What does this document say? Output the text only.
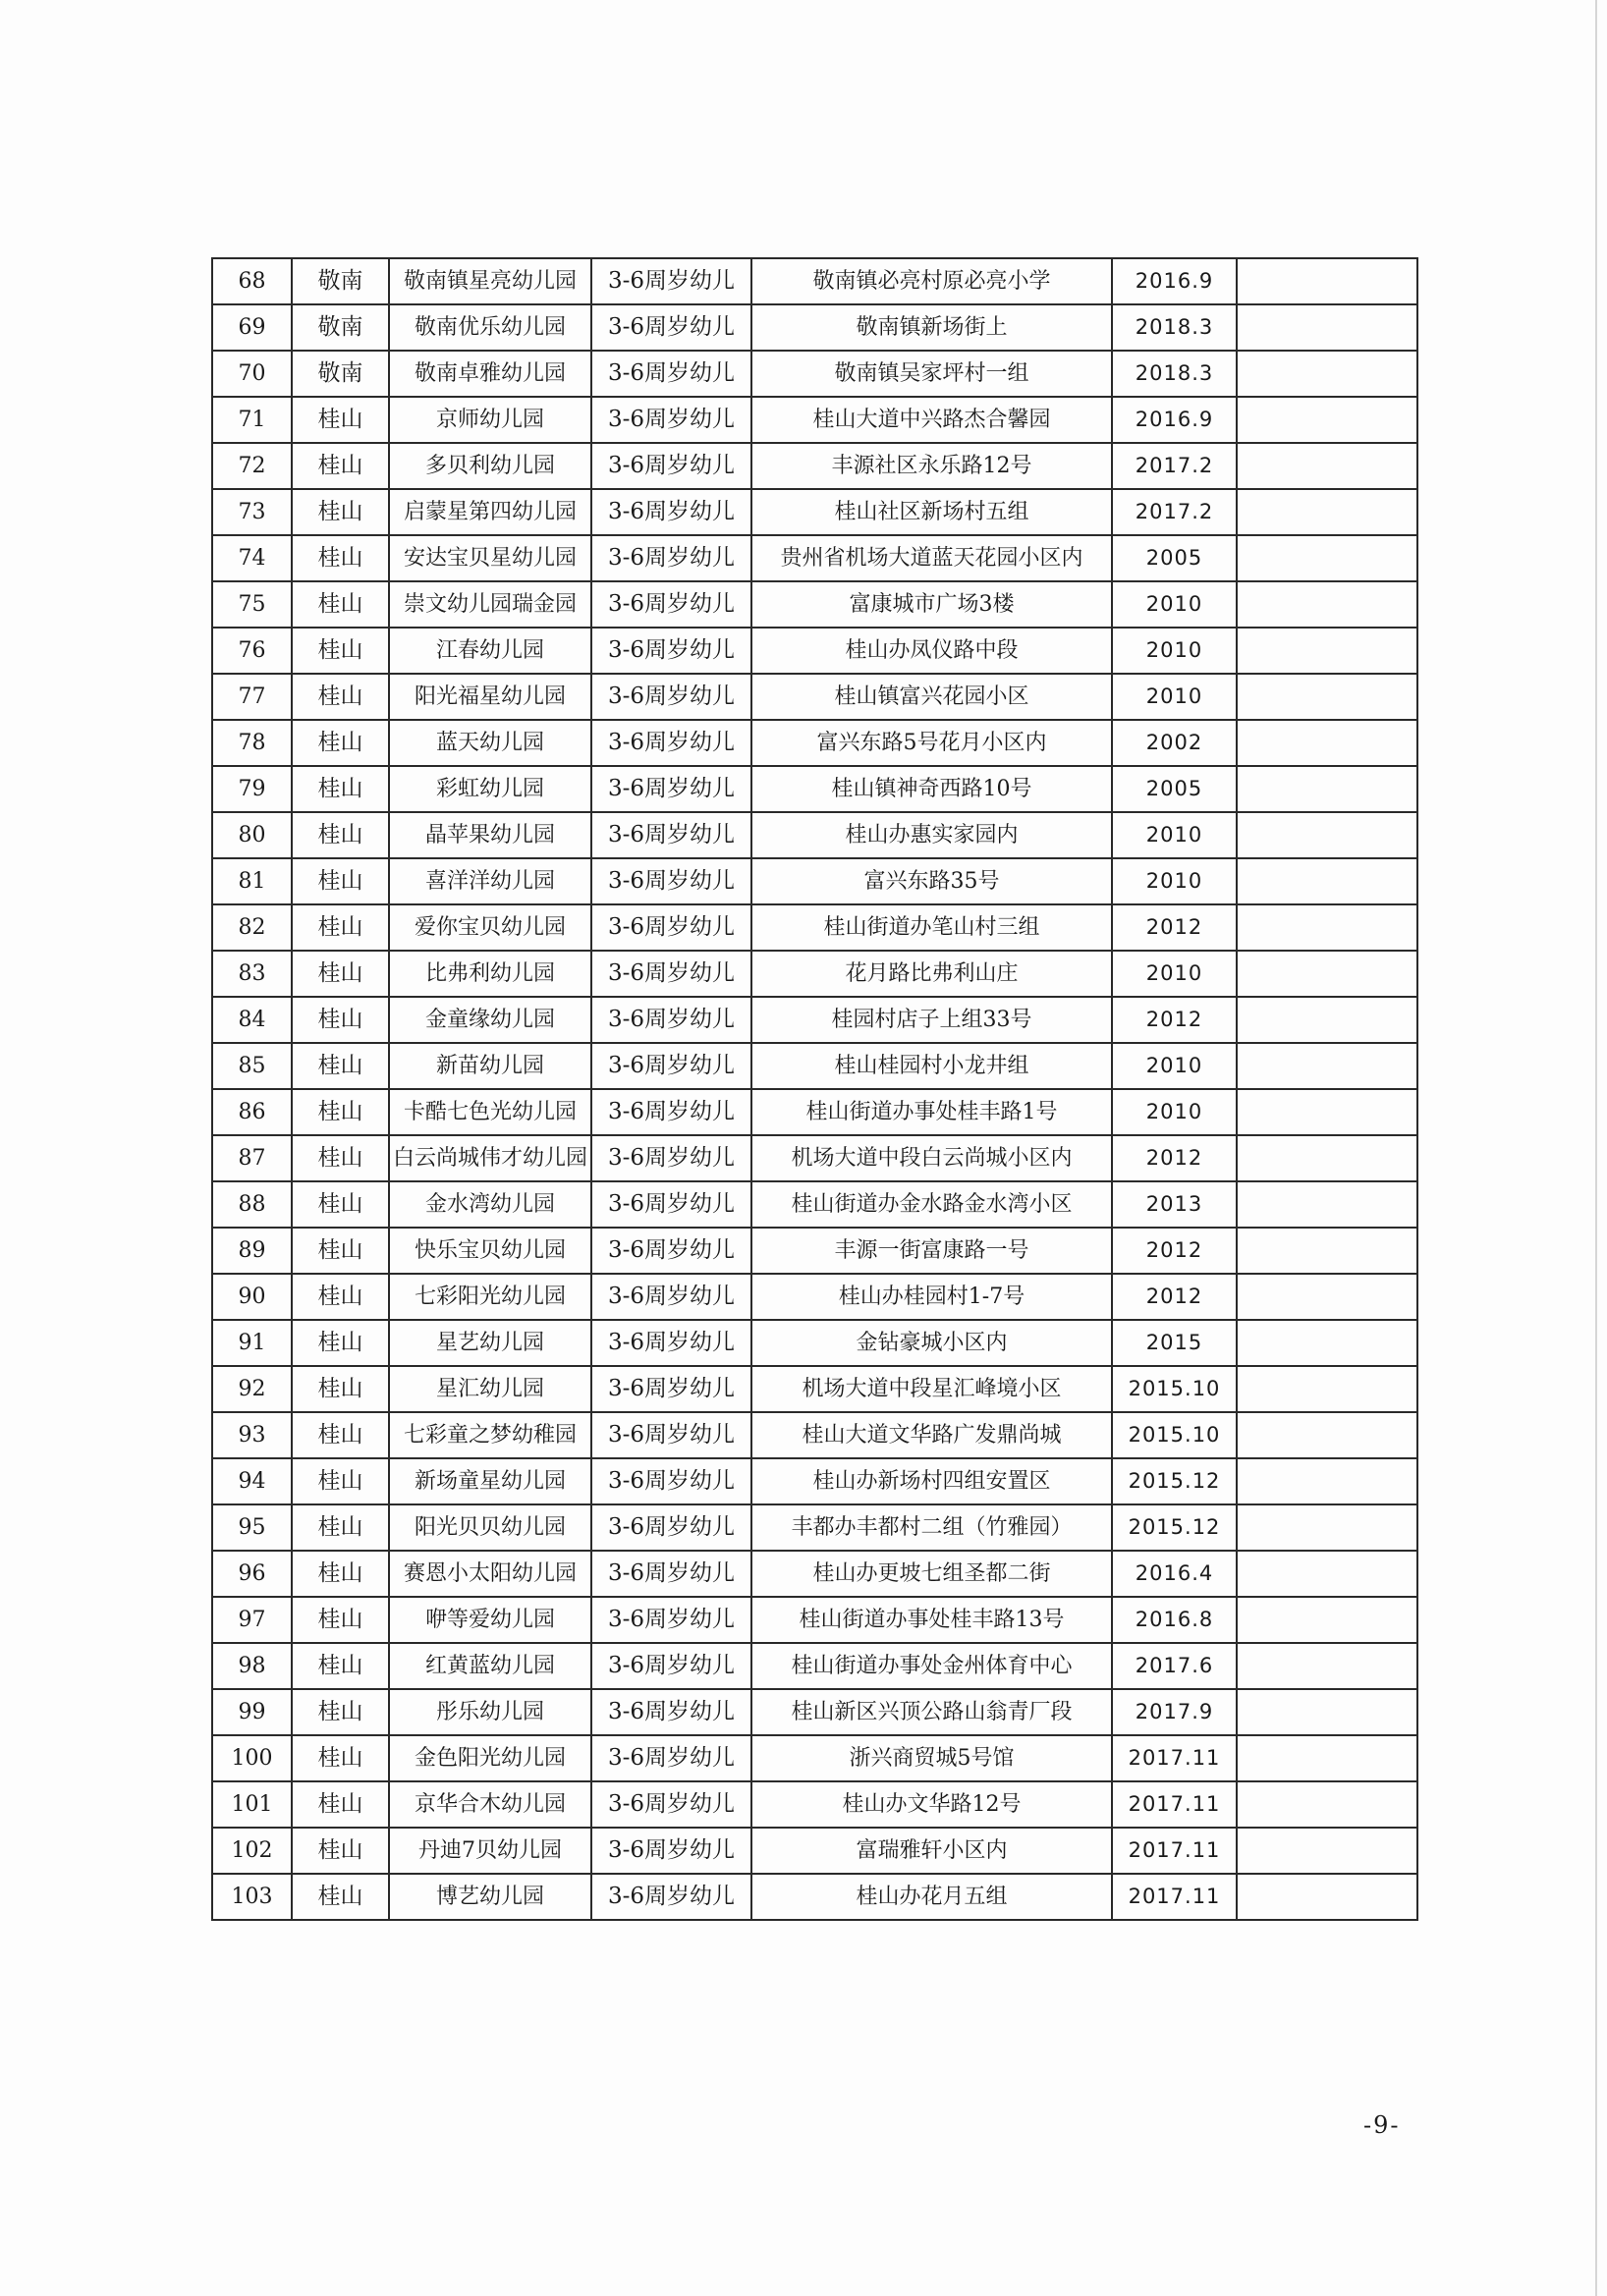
68	敬南	敬南镇星亮幼儿园	3-6周岁幼儿	敬南镇必亮村原必亮小学	2016.9	
69	敬南	敬南优乐幼儿园	3-6周岁幼儿	敬南镇新场街上	2018.3	
70	敬南	敬南卓雅幼儿园	3-6周岁幼儿	敬南镇吴家坪村一组	2018.3	
71	桂山	京师幼儿园	3-6周岁幼儿	桂山大道中兴路杰合馨园	2016.9	
72	桂山	多贝利幼儿园	3-6周岁幼儿	丰源社区永乐路12号	2017.2	
73	桂山	启蒙星第四幼儿园	3-6周岁幼儿	桂山社区新场村五组	2017.2	
74	桂山	安达宝贝星幼儿园	3-6周岁幼儿	贵州省机场大道蓝天花园小区内	2005	
75	桂山	崇文幼儿园瑞金园	3-6周岁幼儿	富康城市广场3楼	2010	
76	桂山	江春幼儿园	3-6周岁幼儿	桂山办凤仪路中段	2010	
77	桂山	阳光福星幼儿园	3-6周岁幼儿	桂山镇富兴花园小区	2010	
78	桂山	蓝天幼儿园	3-6周岁幼儿	富兴东路5号花月小区内	2002	
79	桂山	彩虹幼儿园	3-6周岁幼儿	桂山镇神奇西路10号	2005	
80	桂山	晶苹果幼儿园	3-6周岁幼儿	桂山办惠实家园内	2010	
81	桂山	喜洋洋幼儿园	3-6周岁幼儿	富兴东路35号	2010	
82	桂山	爱你宝贝幼儿园	3-6周岁幼儿	桂山街道办笔山村三组	2012	
83	桂山	比弗利幼儿园	3-6周岁幼儿	花月路比弗利山庄	2010	
84	桂山	金童缘幼儿园	3-6周岁幼儿	桂园村店子上组33号	2012	
85	桂山	新苗幼儿园	3-6周岁幼儿	桂山桂园村小龙井组	2010	
86	桂山	卡酷七色光幼儿园	3-6周岁幼儿	桂山街道办事处桂丰路1号	2010	
87	桂山	白云尚城伟才幼儿园	3-6周岁幼儿	机场大道中段白云尚城小区内	2012	
88	桂山	金水湾幼儿园	3-6周岁幼儿	桂山街道办金水路金水湾小区	2013	
89	桂山	快乐宝贝幼儿园	3-6周岁幼儿	丰源一街富康路一号	2012	
90	桂山	七彩阳光幼儿园	3-6周岁幼儿	桂山办桂园村1-7号	2012	
91	桂山	星艺幼儿园	3-6周岁幼儿	金钻豪城小区内	2015	
92	桂山	星汇幼儿园	3-6周岁幼儿	机场大道中段星汇峰境小区	2015.10	
93	桂山	七彩童之梦幼稚园	3-6周岁幼儿	桂山大道文华路广发鼎尚城	2015.10	
94	桂山	新场童星幼儿园	3-6周岁幼儿	桂山办新场村四组安置区	2015.12	
95	桂山	阳光贝贝幼儿园	3-6周岁幼儿	丰都办丰都村二组（竹雅园）	2015.12	
96	桂山	赛恩小太阳幼儿园	3-6周岁幼儿	桂山办更坡七组圣都二街	2016.4	
97	桂山	咿等爱幼儿园	3-6周岁幼儿	桂山街道办事处桂丰路13号	2016.8	
98	桂山	红黄蓝幼儿园	3-6周岁幼儿	桂山街道办事处金州体育中心	2017.6	
99	桂山	彤乐幼儿园	3-6周岁幼儿	桂山新区兴顶公路山翁青厂段	2017.9	
100	桂山	金色阳光幼儿园	3-6周岁幼儿	浙兴商贸城5号馆	2017.11	
101	桂山	京华合木幼儿园	3-6周岁幼儿	桂山办文华路12号	2017.11	
102	桂山	丹迪7贝幼儿园	3-6周岁幼儿	富瑞雅轩小区内	2017.11	
103	桂山	博艺幼儿园	3-6周岁幼儿	桂山办花月五组	2017.11	
-9-
